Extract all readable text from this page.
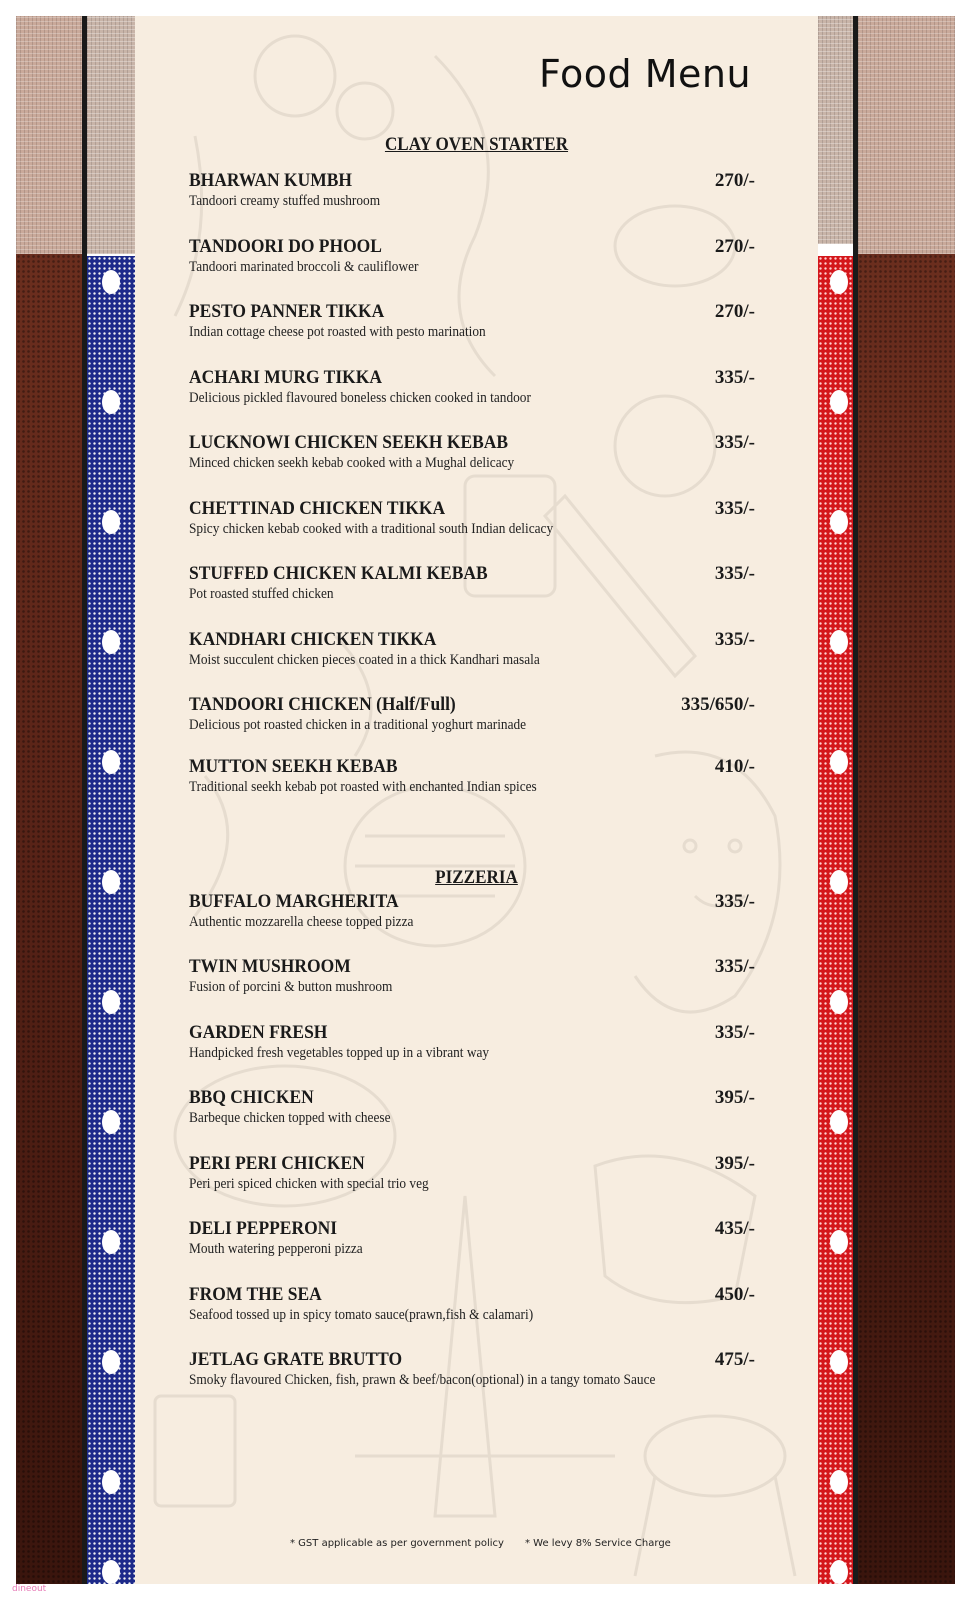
Food Menu
CLAY OVEN STARTER
BHARWAN KUMBH
Tandoori creamy stuffed mushroom
270/-
TANDOORI DO PHOOL
Tandoori marinated broccoli & cauliflower
270/-
PESTO PANNER TIKKA
Indian cottage cheese pot roasted with pesto marination
270/-
ACHARI MURG TIKKA
Delicious pickled flavoured boneless chicken cooked in tandoor
335/-
LUCKNOWI CHICKEN SEEKH KEBAB
Minced chicken seekh kebab cooked with a Mughal delicacy
335/-
CHETTINAD CHICKEN TIKKA
Spicy chicken kebab cooked with a traditional south Indian delicacy
335/-
STUFFED CHICKEN KALMI KEBAB
Pot roasted stuffed chicken
335/-
KANDHARI CHICKEN TIKKA
Moist succulent chicken pieces coated in a thick Kandhari masala
335/-
TANDOORI CHICKEN (Half/Full)
Delicious pot roasted chicken in a traditional yoghurt marinade
335/650/-
MUTTON SEEKH KEBAB
Traditional seekh kebab pot roasted with enchanted Indian spices
410/-
PIZZERIA
BUFFALO MARGHERITA
Authentic mozzarella cheese topped pizza
335/-
TWIN MUSHROOM
Fusion of porcini & button mushroom
335/-
GARDEN FRESH
Handpicked fresh vegetables topped up in a vibrant way
335/-
BBQ CHICKEN
Barbeque chicken topped with cheese
395/-
PERI PERI CHICKEN
Peri peri spiced chicken with special trio veg
395/-
DELI PEPPERONI
Mouth watering pepperoni pizza
435/-
FROM THE SEA
Seafood tossed up in spicy tomato sauce(prawn,fish & calamari)
450/-
JETLAG GRATE BRUTTO
Smoky flavoured Chicken, fish, prawn & beef/bacon(optional) in a tangy tomato Sauce
475/-
* GST applicable as per government policy * We levy 8% Service Charge
dineout
